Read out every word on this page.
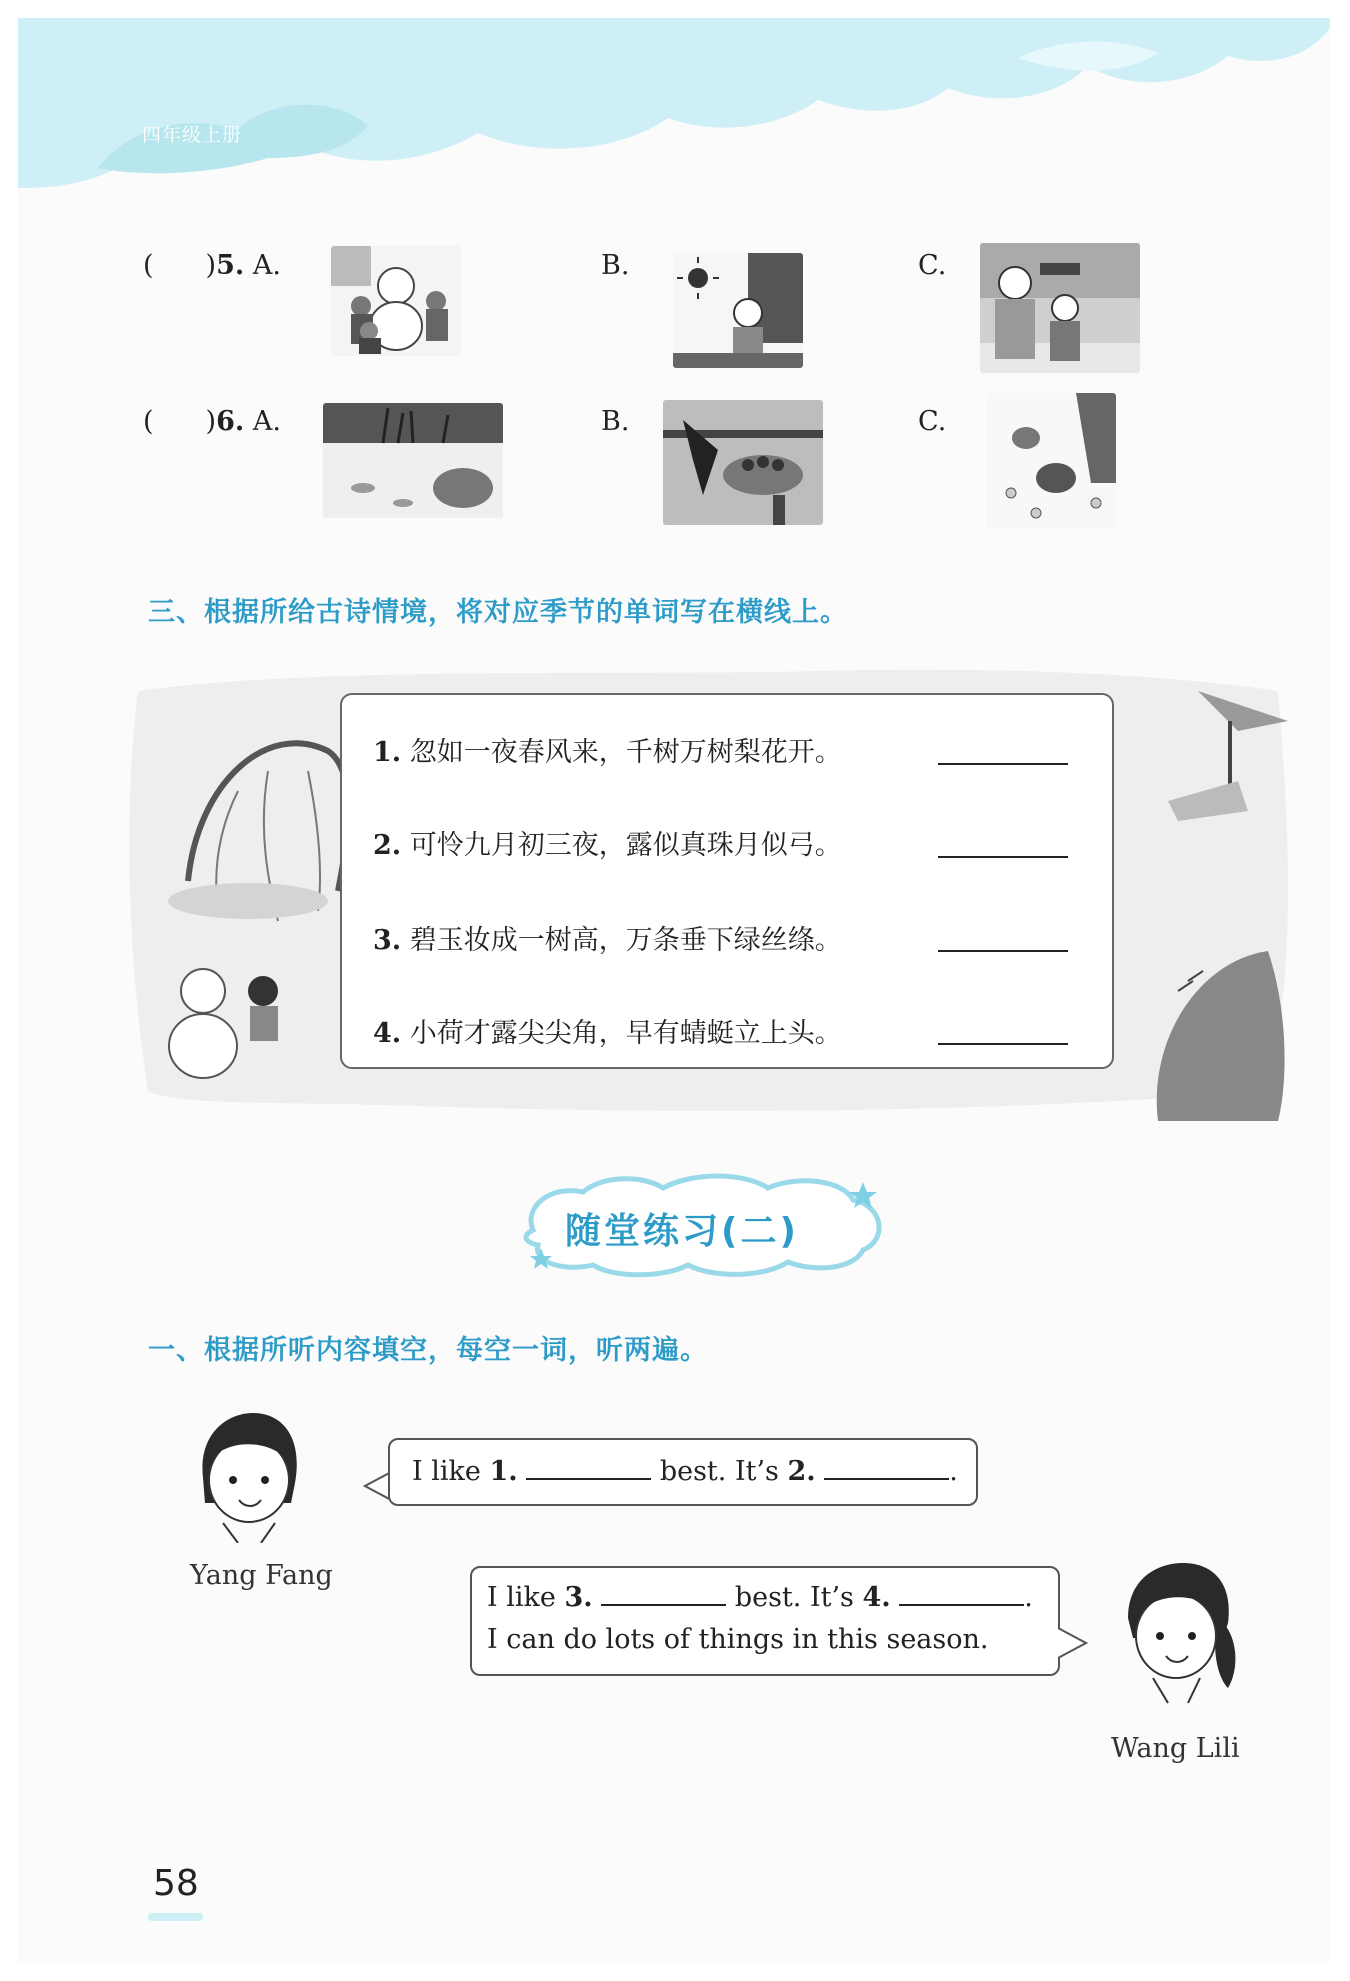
四年级上册
( )5. A.	B.	C.
( )6. A.	B.	C.
三、根据所给古诗情境，将对应季节的单词写在横线上。
1. 忽如一夜春风来，千树万树梨花开。
2. 可怜九月初三夜，露似真珠月似弓。
3. 碧玉妆成一树高，万条垂下绿丝绦。
4. 小荷才露尖尖角，早有蜻蜓立上头。
随堂练习(二)
一、根据所听内容填空，每空一词，听两遍。
Yang Fang
I like 1.	best. It’s 2.	.
I like 3.	best. It’s 4.	.
I can do lots of things in this season.
Wang Lili
58
